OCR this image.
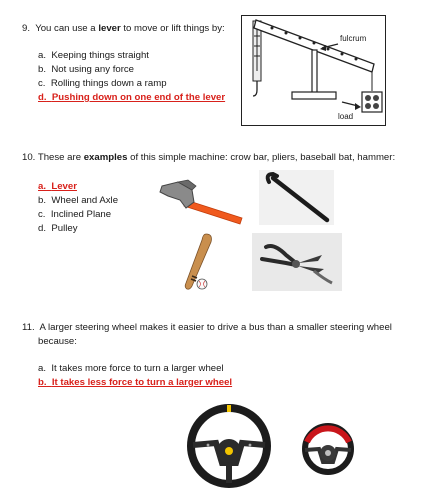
9. You can use a lever to move or lift things by:
a. Keeping things straight
b. Not using any force
c. Rolling things down a ramp
d. Pushing down on one end of the lever
fulcrum
load
10. These are examples of this simple machine: crow bar, pliers, baseball bat, hammer:
a. Lever
b. Wheel and Axle
c. Inclined Plane
d. Pulley
11. A larger steering wheel makes it easier to drive a bus than a smaller steering wheel
because:
a. It takes more force to turn a larger wheel
b. It takes less force to turn a larger wheel
